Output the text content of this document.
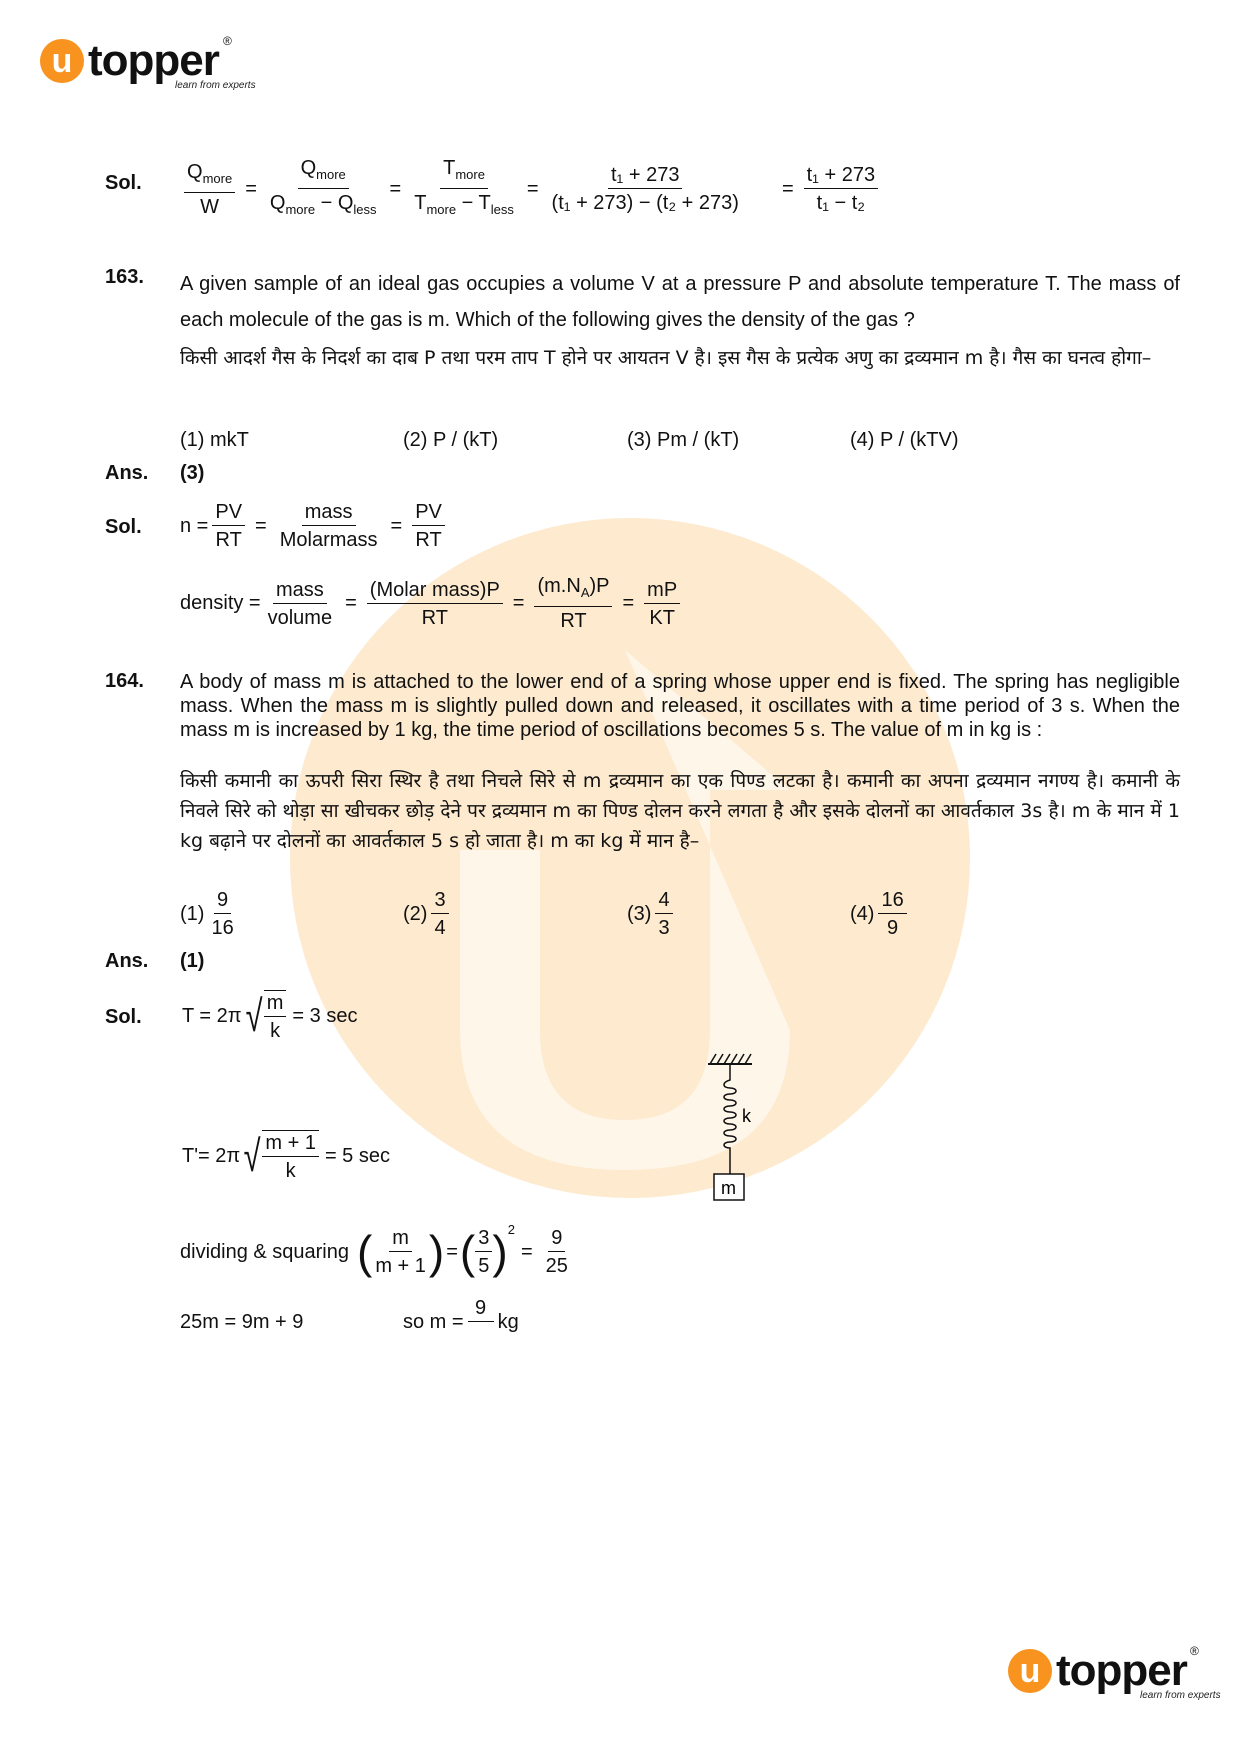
u topper ®
learn from experts
Sol. $\frac{Q_{more}}{W} = \frac{Q_{more}}{Q_{more} - Q_{less}} = \frac{T_{more}}{T_{more} - T_{less}} = \frac{\text{t₁ + 273}}{\text{(t₁ + 273) − (t₂ + 273)}} = \frac{\text{t₁ + 273}}{\text{t₁ − t₂}}$
163. A given sample of an ideal gas occupies a volume V at a pressure P and absolute temperature T. The mass of each molecule of the gas is m. Which of the following gives the density of the gas ?
किसी आदर्श गैस के निदर्श का दाब P तथा परम ताप T होने पर आयतन V है। इस गैस के प्रत्येक अणु का द्रव्यमान m है। गैस का घनत्व होगा–
(1) mkT	(2) P / (kT)	(3) Pm / (kT)	(4) P / (kTV)
Ans. (3)
Sol. $n = \frac{PV}{RT} = \frac{\text{mass}}{\text{Molarmass}} = \frac{PV}{RT}$
density = $\frac{\text{mass}}{\text{volume}} = \frac{\text{(Molar mass)P}}{RT} = \frac{(m.N_A)P}{RT} = \frac{mP}{KT}$
164. A body of mass m is attached to the lower end of a spring whose upper end is fixed. The spring has negligible mass. When the mass m is slightly pulled down and released, it oscillates with a time period of 3 s. When the mass m is increased by 1 kg, the time period of oscillations becomes 5 s. The value of m in kg is :
किसी कमानी का ऊपरी सिरा स्थिर है तथा निचले सिरे से m द्रव्यमान का एक पिण्ड लटका है। कमानी का अपना द्रव्यमान नगण्य है। कमानी के निवले सिरे को थोड़ा सा खीचकर छोड़ देने पर द्रव्यमान m का पिण्ड दोलन करने लगता है और इसके दोलनों का आवर्तकाल 3s है। m के मान में 1 kg बढ़ाने पर दोलनों का आवर्तकाल 5 s हो जाता है। m का kg में मान है–
$(1) \frac{9}{16}$	$(2) \frac{3}{4}$	$(3) \frac{4}{3}$	$(4) \frac{16}{9}$
Ans. (1)
Sol. T = 2π √ $\frac{m}{k} = 3$ sec
T'= 2π √ $\frac{m + 1}{k} = 5$ sec
dividing & squaring ( $\frac{m}{m + 1}$ ) = ( $\frac{3}{5} )^2$
= $\frac{9}{25}$
25m = 9m + 9	so m =
9
kg
k
m
u topper ®
learn from experts
